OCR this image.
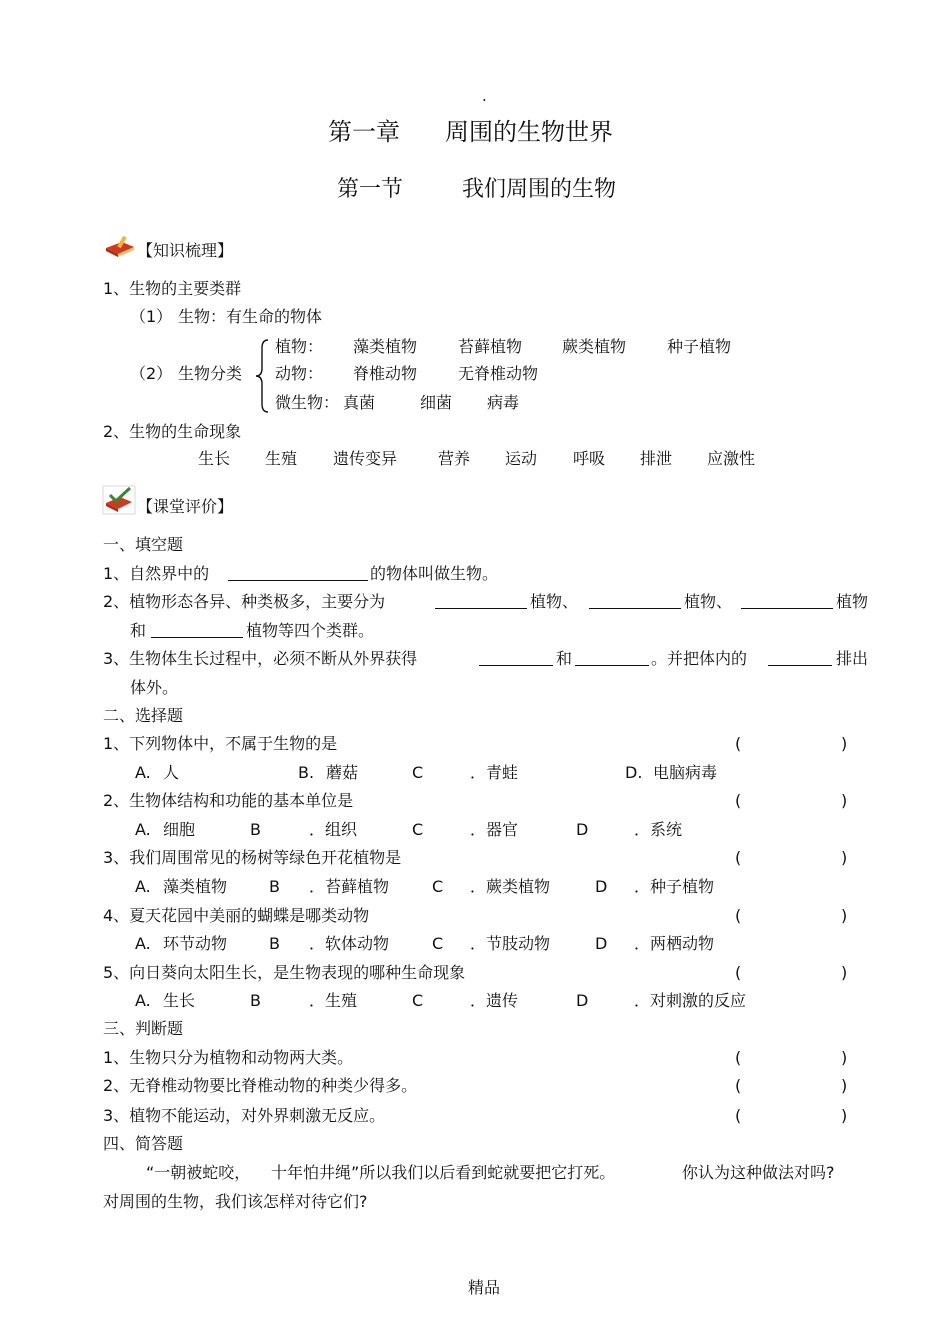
.
第一章 周围的生物世界
第一节	我们周围的生物
【知识梳理】
1、生物的主要类群
（1） 生物：有生命的物体
（2） 生物分类
植物： 藻类植物	苔藓植物 蕨类植物	种子植物
动物： 脊椎动物	无脊椎动物
微生物： 真菌	细菌 病毒
2、生物的生命现象
生长 生殖 遗传变异	营养 运动 呼吸 排泄 应激性
【课堂评价】
一、填空题
1、自然界中的	的物体叫做生物。
2、植物形态各异、种类极多，主要分为	植物、	植物、	植物
和	植物等四个类群。
3、生物体生长过程中，必须不断从外界获得	和	。并把体内的	排出
体外。
二、选择题
1、下列物体中，不属于生物的是	(	)
A. 人	B. 蘑菇	C	．青蛙	D. 电脑病毒
2、生物体结构和功能的基本单位是	(	)
A. 细胞	B	．组织	C	．器官	D	．系统
3、我们周围常见的杨树等绿色开花植物是	(	)
A. 藻类植物	B ．苔藓植物	C ．蕨类植物	D ．种子植物
4、夏天花园中美丽的蝴蝶是哪类动物	(	)
A. 环节动物	B ．软体动物	C ．节肢动物	D ．两栖动物
5、向日葵向太阳生长，是生物表现的哪种生命现象	(	)
A. 生长	B	．生殖	C	．遗传	D	．对刺激的反应
三、判断题
1、生物只分为植物和动物两大类。	(	)
2、无脊椎动物要比脊椎动物的种类少得多。	(	)
3、植物不能运动，对外界刺激无反应。	(	)
四、简答题
“一朝被蛇咬， 十年怕井绳”所以我们以后看到蛇就要把它打死。	你认为这种做法对吗?
对周围的生物，我们该怎样对待它们?
精品
